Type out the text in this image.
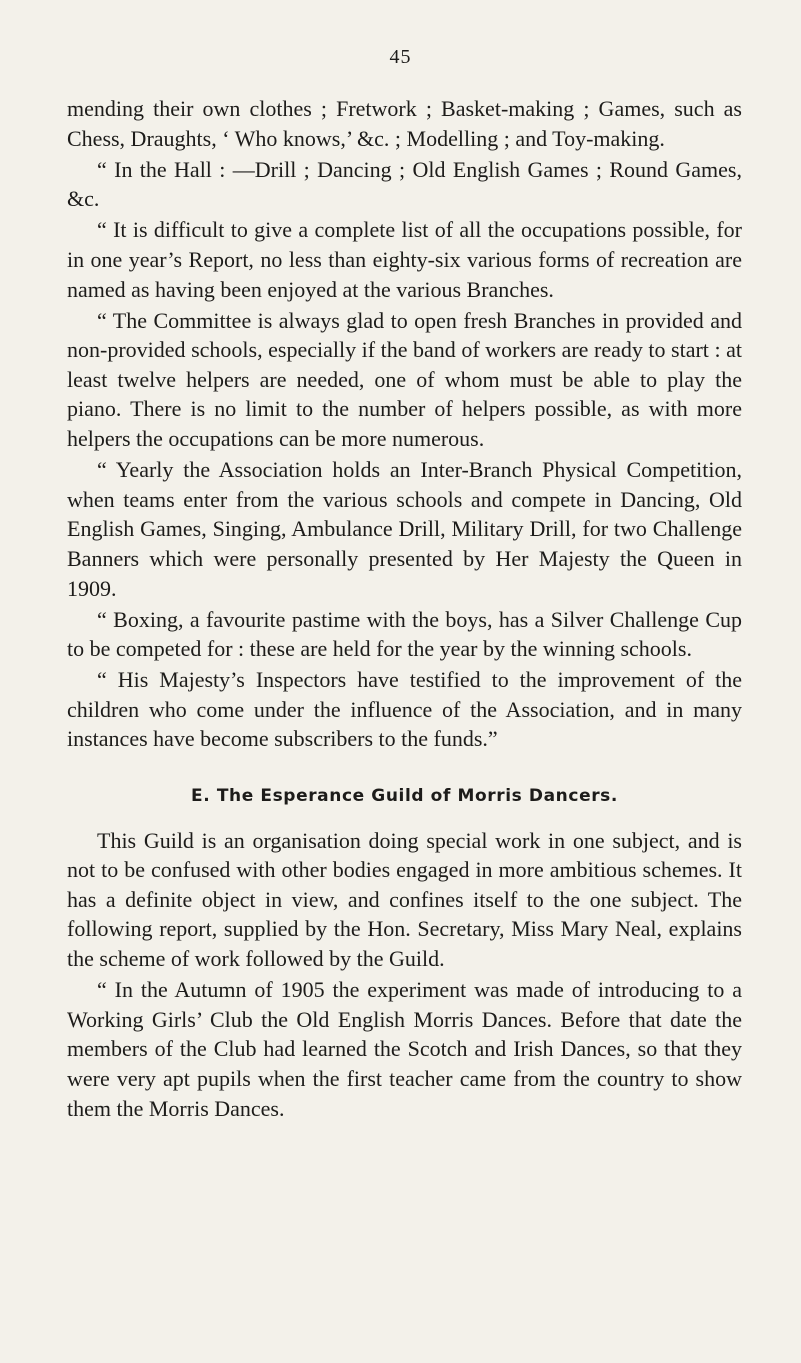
45

mending their own clothes ; Fretwork ; Basket-making ; Games, such as Chess, Draughts, ‘ Who knows,’ &c. ; Modelling ; and Toy-making.

“ In the Hall : —Drill ; Dancing ; Old English Games ; Round Games, &c.

“ It is difficult to give a complete list of all the occupations possible, for in one year’s Report, no less than eighty-six various forms of recreation are named as having been enjoyed at the various Branches.

“ The Committee is always glad to open fresh Branches in provided and non-provided schools, especially if the band of workers are ready to start : at least twelve helpers are needed, one of whom must be able to play the piano. There is no limit to the number of helpers possible, as with more helpers the occupations can be more numerous.

“ Yearly the Association holds an Inter-Branch Physical Competition, when teams enter from the various schools and compete in Dancing, Old English Games, Singing, Ambulance Drill, Military Drill, for two Challenge Banners which were personally presented by Her Majesty the Queen in 1909.

“ Boxing, a favourite pastime with the boys, has a Silver Challenge Cup to be competed for : these are held for the year by the winning schools.

“ His Majesty’s Inspectors have testified to the improvement of the children who come under the influence of the Association, and in many instances have become subscribers to the funds.”

E. The Esperance Guild of Morris Dancers.

This Guild is an organisation doing special work in one subject, and is not to be confused with other bodies engaged in more ambitious schemes. It has a definite object in view, and confines itself to the one subject. The following report, supplied by the Hon. Secretary, Miss Mary Neal, explains the scheme of work followed by the Guild.

“ In the Autumn of 1905 the experiment was made of introducing to a Working Girls’ Club the Old English Morris Dances. Before that date the members of the Club had learned the Scotch and Irish Dances, so that they were very apt pupils when the first teacher came from the country to show them the Morris Dances.
